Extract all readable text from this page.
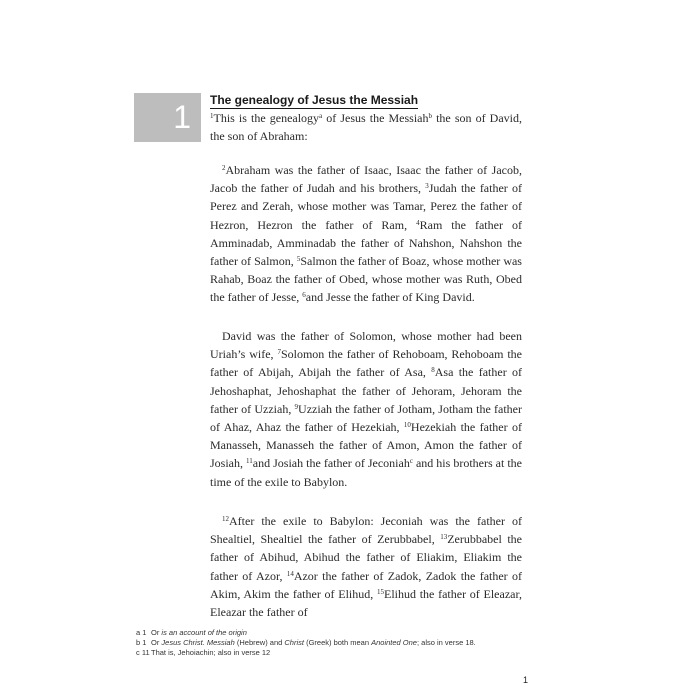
1	The genealogy of Jesus the Messiah

$^1$This is the genealogy$^a$ of Jesus the Messiah$^b$ the son of David, the son of Abraham:

$^2$Abraham was the father of Isaac, Isaac the father of Jacob, Jacob the father of Judah and his brothers, $^3$Judah the father of Perez and Zerah, whose mother was Tamar, Perez the father of Hezron, Hezron the father of Ram, $^4$Ram the father of Amminadab, Amminadab the father of Nahshon, Nahshon the father of Salmon, $^5$Salmon the father of Boaz, whose mother was Rahab, Boaz the father of Obed, whose mother was Ruth, Obed the father of Jesse, $^6$and Jesse the father of King David.

David was the father of Solomon, whose mother had been Uriah’s wife, $^7$Solomon the father of Rehoboam, Rehoboam the father of Abijah, Abijah the father of Asa, $^8$Asa the father of Jehoshaphat, Jehoshaphat the father of Jehoram, Jehoram the father of Uzziah, $^9$Uzziah the father of Jotham, Jotham the father of Ahaz, Ahaz the father of Hezekiah, $^{10}$Hezekiah the father of Manasseh, Manasseh the father of Amon, Amon the father of Josiah, $^{11}$and Josiah the father of Jeconiah$^c$ and his brothers at the time of the exile to Babylon.

$^{12}$After the exile to Babylon: Jeconiah was the father of Shealtiel, Shealtiel the father of Zerubbabel, $^{13}$Zerubbabel the father of Abihud, Abihud the father of Eliakim, Eliakim the father of Azor, $^{14}$Azor the father of Zadok, Zadok the father of Akim, Akim the father of Elihud, $^{15}$Elihud the father of Eleazar, Eleazar the father of

a 1 Or is an account of the origin
b 1 Or Jesus Christ. Messiah (Hebrew) and Christ (Greek) both mean Anointed One; also in verse 18.
c 11 That is, Jehoiachin; also in verse 12
1
